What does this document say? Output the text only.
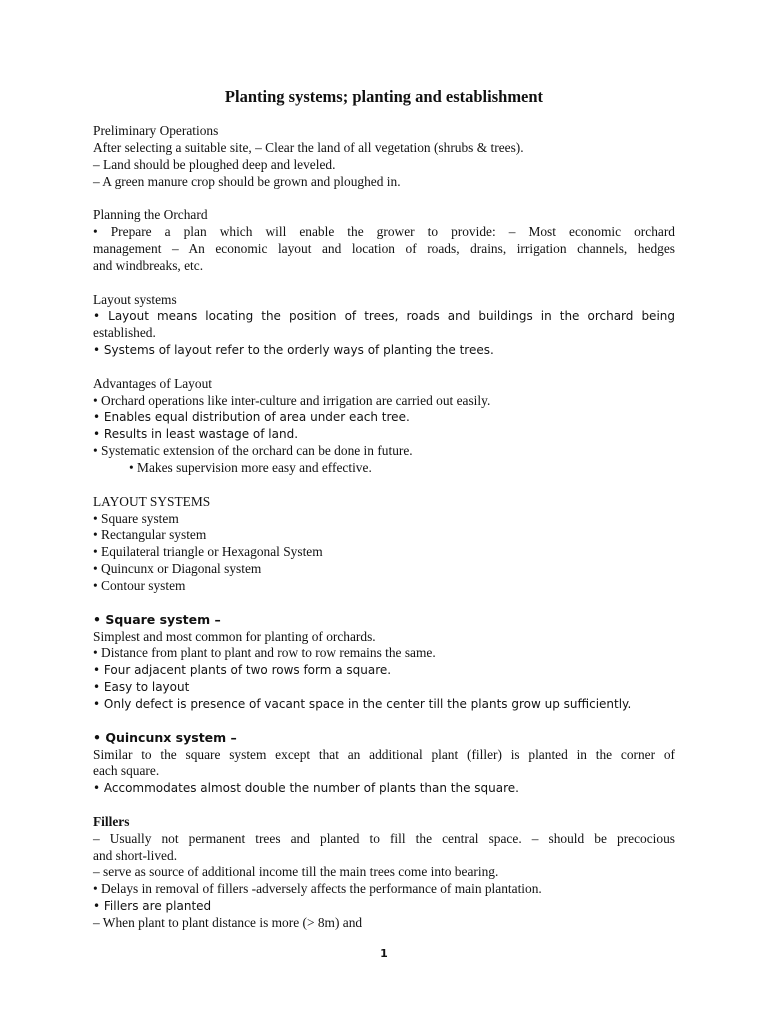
Planting systems; planting and establishment
Preliminary Operations
After selecting a suitable site, – Clear the land of all vegetation (shrubs & trees).
– Land should be ploughed deep and leveled.
– A green manure crop should be grown and ploughed in.
Planning the Orchard
• Prepare a plan which will enable the grower to provide: – Most economic orchard
management – An economic layout and location of roads, drains, irrigation channels, hedges
and windbreaks, etc.
Layout systems
• Layout means locating the position of trees, roads and buildings in the orchard being
established.
• Systems of layout refer to the orderly ways of planting the trees.
Advantages of Layout
• Orchard operations like inter-culture and irrigation are carried out easily.
• Enables equal distribution of area under each tree.
• Results in least wastage of land.
• Systematic extension of the orchard can be done in future.
• Makes supervision more easy and effective.
LAYOUT SYSTEMS
• Square system
• Rectangular system
• Equilateral triangle or Hexagonal System
• Quincunx or Diagonal system
• Contour system
• Square system –
Simplest and most common for planting of orchards.
• Distance from plant to plant and row to row remains the same.
• Four adjacent plants of two rows form a square.
• Easy to layout
• Only defect is presence of vacant space in the center till the plants grow up sufficiently.
• Quincunx system –
Similar to the square system except that an additional plant (filler) is planted in the corner of
each square.
• Accommodates almost double the number of plants than the square.
Fillers
– Usually not permanent trees and planted to fill the central space. – should be precocious
and short-lived.
– serve as source of additional income till the main trees come into bearing.
• Delays in removal of fillers -adversely affects the performance of main plantation.
• Fillers are planted
– When plant to plant distance is more (> 8m) and
1
